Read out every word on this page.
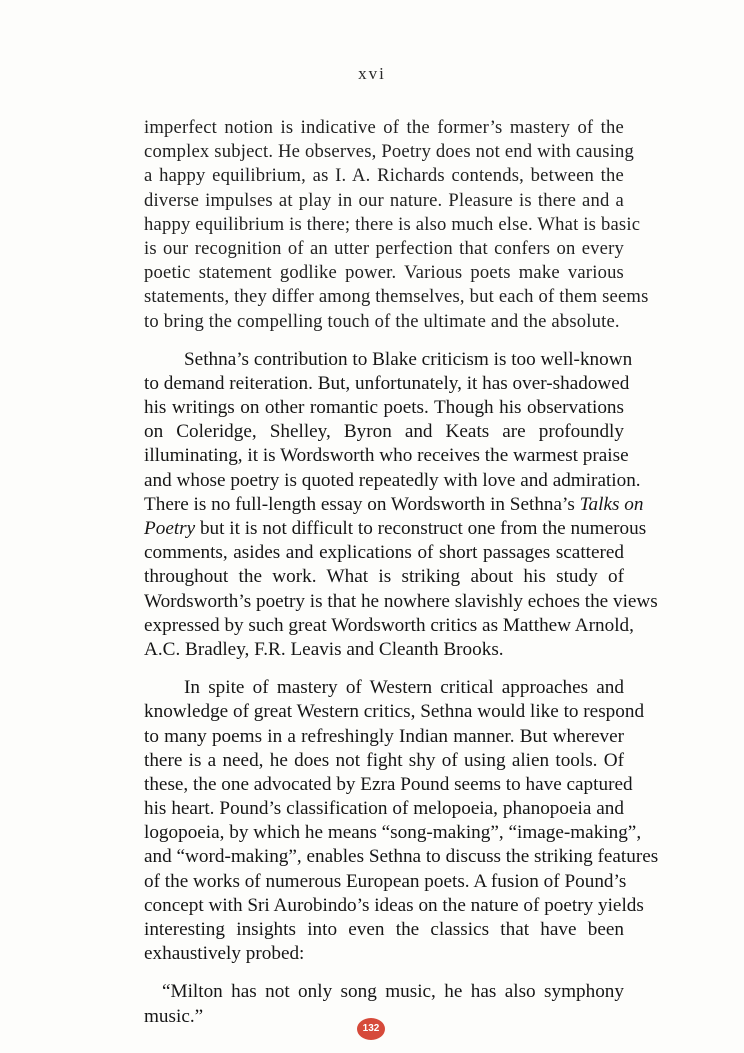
xvi
imperfect notion is indicative of the former’s mastery of the
complex subject. He observes, Poetry does not end with causing
a happy equilibrium, as I. A. Richards contends, between the
diverse impulses at play in our nature. Pleasure is there and a
happy equilibrium is there; there is also much else. What is basic
is our recognition of an utter perfection that confers on every
poetic statement godlike power. Various poets make various
statements, they differ among themselves, but each of them seems
to bring the compelling touch of the ultimate and the absolute.
Sethna’s contribution to Blake criticism is too well-known
to demand reiteration. But, unfortunately, it has over-shadowed
his writings on other romantic poets. Though his observations
on Coleridge, Shelley, Byron and Keats are profoundly
illuminating, it is Wordsworth who receives the warmest praise
and whose poetry is quoted repeatedly with love and admiration.
There is no full-length essay on Wordsworth in Sethna’s Talks on
Poetry but it is not difficult to reconstruct one from the numerous
comments, asides and explications of short passages scattered
throughout the work. What is striking about his study of
Wordsworth’s poetry is that he nowhere slavishly echoes the views
expressed by such great Wordsworth critics as Matthew Arnold,
A.C. Bradley, F.R. Leavis and Cleanth Brooks.
In spite of mastery of Western critical approaches and
knowledge of great Western critics, Sethna would like to respond
to many poems in a refreshingly Indian manner. But wherever
there is a need, he does not fight shy of using alien tools. Of
these, the one advocated by Ezra Pound seems to have captured
his heart. Pound’s classification of melopoeia, phanopoeia and
logopoeia, by which he means “song-making”, “image-making”,
and “word-making”, enables Sethna to discuss the striking features
of the works of numerous European poets. A fusion of Pound’s
concept with Sri Aurobindo’s ideas on the nature of poetry yields
interesting insights into even the classics that have been
exhaustively probed:
“Milton has not only song music, he has also symphony
music.”
132
